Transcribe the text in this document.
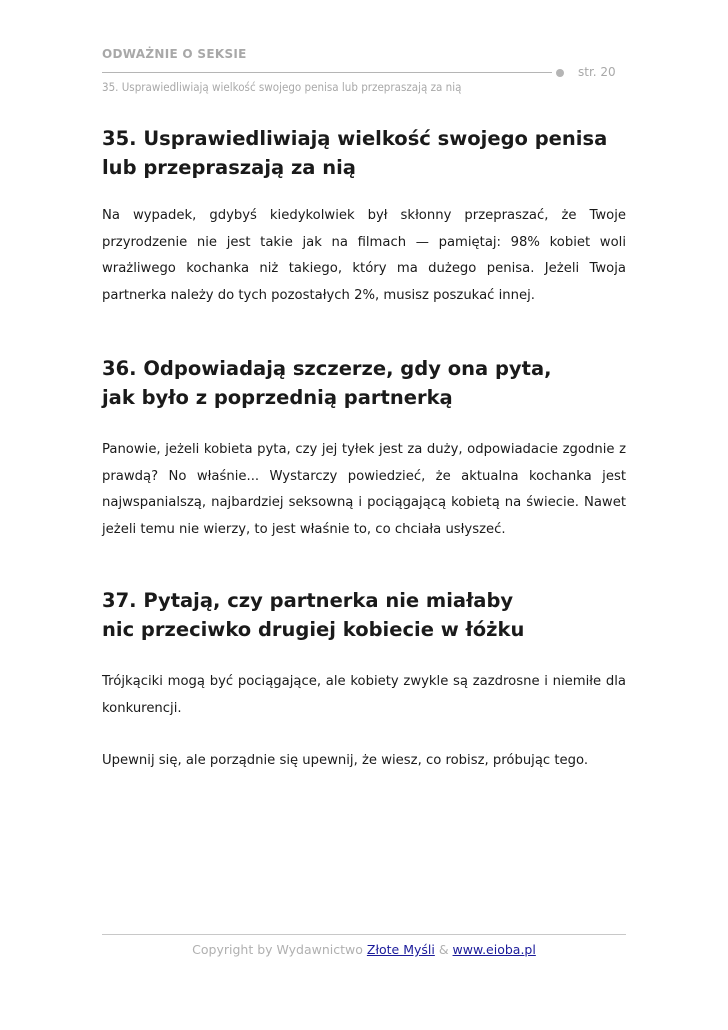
ODWAŻNIE O SEKSIE
str. 20
35. Usprawiedliwiają wielkość swojego penisa lub przepraszają za nią
35. Usprawiedliwiają wielkość swojego penisa
lub przepraszają za nią

Na wypadek, gdybyś kiedykolwiek był skłonny przepraszać, że Twoje przyrodzenie nie jest takie jak na filmach — pamiętaj: 98% kobiet woli wrażliwego kochanka niż takiego, który ma dużego penisa. Jeżeli Twoja partnerka należy do tych pozostałych 2%, musisz poszukać innej.

36. Odpowiadają szczerze, gdy ona pyta,
jak było z poprzednią partnerką

Panowie, jeżeli kobieta pyta, czy jej tyłek jest za duży, odpowiadacie zgodnie z prawdą? No właśnie... Wystarczy powiedzieć, że aktualna kochanka jest najwspanialszą, najbardziej seksowną i pociągającą kobietą na świecie. Nawet jeżeli temu nie wierzy, to jest właśnie to, co chciała usłyszeć.

37. Pytają, czy partnerka nie miałaby
nic przeciwko drugiej kobiecie w łóżku

Trójkąciki mogą być pociągające, ale kobiety zwykle są zazdrosne i niemiłe dla konkurencji.

Upewnij się, ale porządnie się upewnij, że wiesz, co robisz, próbując tego.

Copyright by Wydawnictwo Złote Myśli & www.eioba.pl
